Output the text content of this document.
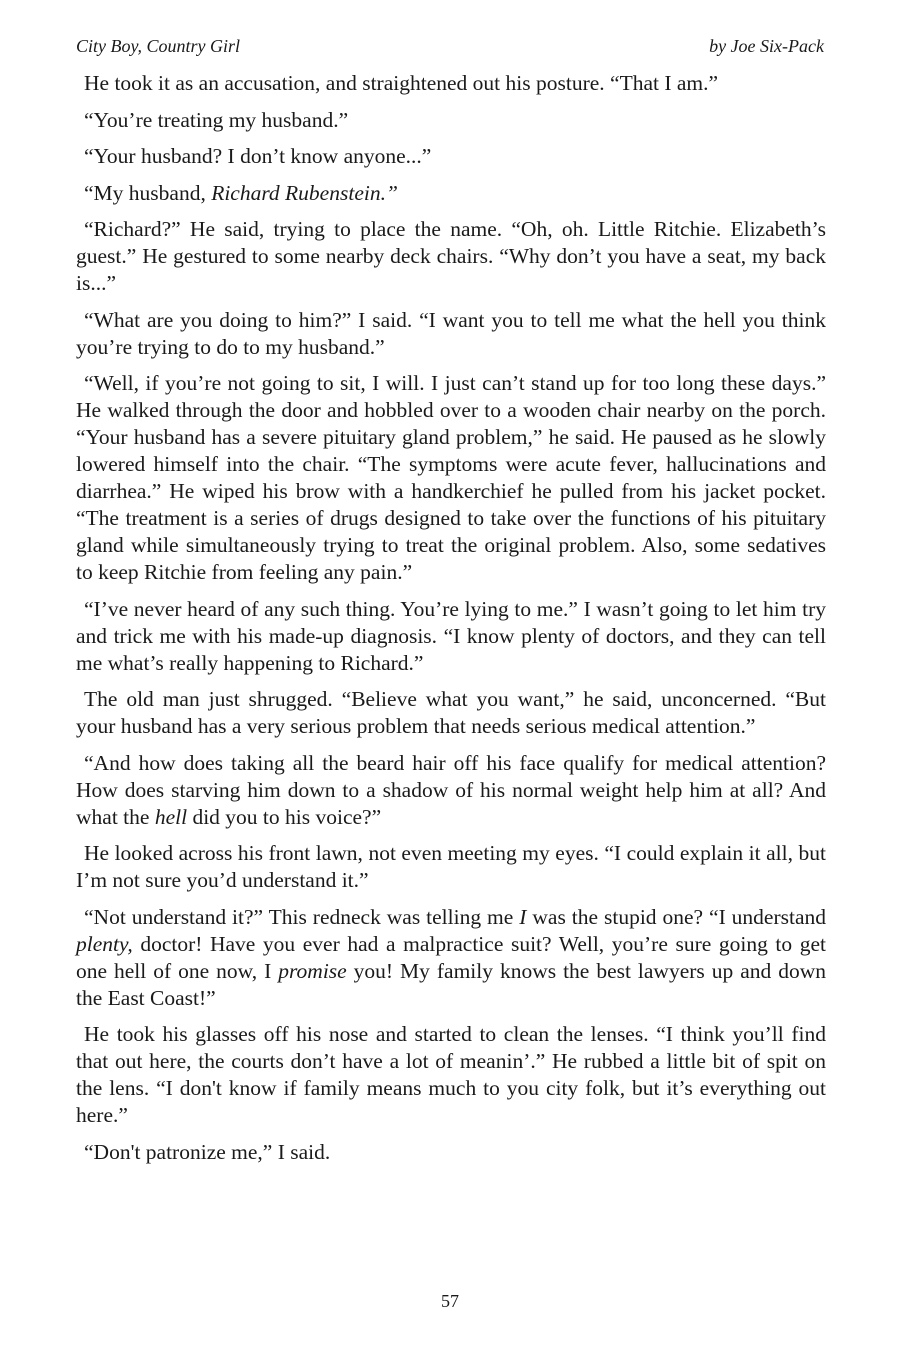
City Boy, Country Girl	by Joe Six-Pack

He took it as an accusation, and straightened out his posture. “That I am.”

“You’re treating my husband.”

“Your husband? I don’t know anyone...”

“My husband, Richard Rubenstein.”

“Richard?” He said, trying to place the name. “Oh, oh. Little Ritchie. Elizabeth’s guest.” He gestured to some nearby deck chairs. “Why don’t you have a seat, my back is...”

“What are you doing to him?” I said. “I want you to tell me what the hell you think you’re trying to do to my husband.”

“Well, if you’re not going to sit, I will. I just can’t stand up for too long these days.” He walked through the door and hobbled over to a wooden chair nearby on the porch. “Your husband has a severe pituitary gland problem,” he said. He paused as he slowly lowered himself into the chair. “The symptoms were acute fever, hallucinations and diarrhea.” He wiped his brow with a handkerchief he pulled from his jacket pocket. “The treatment is a series of drugs designed to take over the functions of his pituitary gland while simultaneously trying to treat the original problem. Also, some sedatives to keep Ritchie from feeling any pain.”

“I’ve never heard of any such thing. You’re lying to me.” I wasn’t going to let him try and trick me with his made-up diagnosis. “I know plenty of doctors, and they can tell me what’s really happening to Richard.”

The old man just shrugged. “Believe what you want,” he said, unconcerned. “But your husband has a very serious problem that needs serious medical attention.”

“And how does taking all the beard hair off his face qualify for medical attention? How does starving him down to a shadow of his normal weight help him at all? And what the hell did you to his voice?”

He looked across his front lawn, not even meeting my eyes. “I could explain it all, but I’m not sure you’d understand it.”

“Not understand it?” This redneck was telling me I was the stupid one? “I understand plenty, doctor! Have you ever had a malpractice suit? Well, you’re sure going to get one hell of one now, I promise you! My family knows the best lawyers up and down the East Coast!”

He took his glasses off his nose and started to clean the lenses. “I think you’ll find that out here, the courts don’t have a lot of meanin’.” He rubbed a little bit of spit on the lens. “I don't know if family means much to you city folk, but it’s everything out here.”

“Don't patronize me,” I said.

57
